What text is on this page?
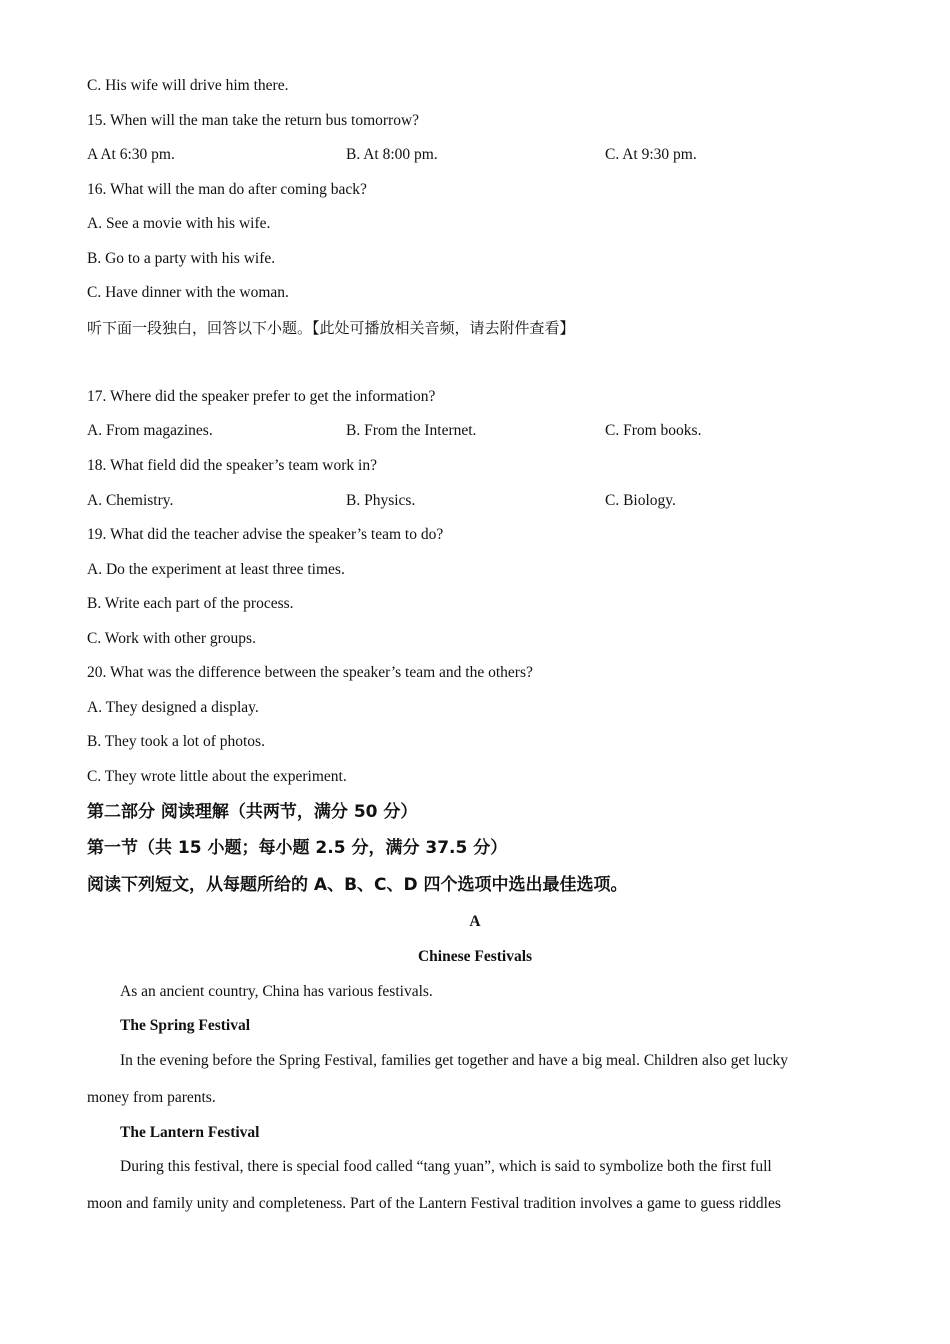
C. His wife will drive him there.
15. When will the man take the return bus tomorrow?
A At 6:30 pm.	B. At 8:00 pm.	C. At 9:30 pm.
16. What will the man do after coming back?
A. See a movie with his wife.
B. Go to a party with his wife.
C. Have dinner with the woman.
听下面一段独白，回答以下小题。【此处可播放相关音频，请去附件查看】
17. Where did the speaker prefer to get the information?
A. From magazines.	B. From the Internet.	C. From books.
18. What field did the speaker’s team work in?
A. Chemistry.	B. Physics.	C. Biology.
19. What did the teacher advise the speaker’s team to do?
A. Do the experiment at least three times.
B. Write each part of the process.
C. Work with other groups.
20. What was the difference between the speaker’s team and the others?
A. They designed a display.
B. They took a lot of photos.
C. They wrote little about the experiment.
第二部分 阅读理解（共两节，满分 50 分）
第一节（共 15 小题；每小题 2.5 分，满分 37.5 分）
阅读下列短文，从每题所给的 A、B、C、D 四个选项中选出最佳选项。
A
Chinese Festivals
As an ancient country, China has various festivals.
The Spring Festival
In the evening before the Spring Festival, families get together and have a big meal. Children also get lucky
money from parents.
The Lantern Festival
During this festival, there is special food called “tang yuan”, which is said to symbolize both the first full
moon and family unity and completeness. Part of the Lantern Festival tradition involves a game to guess riddles
